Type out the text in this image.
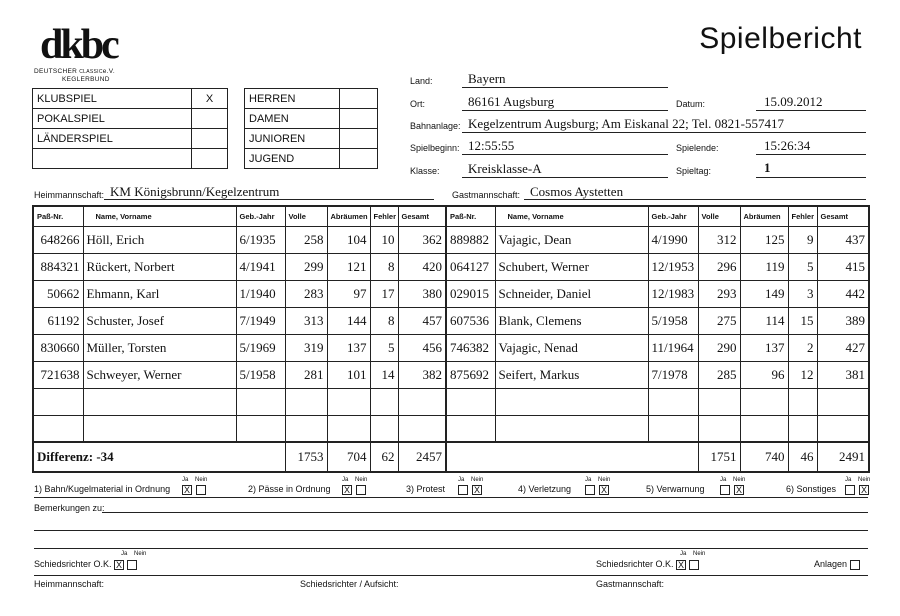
dkbc
DEUTSCHER CLASSICe.V.
KEGLERBUND
Spielbericht
KLUBSPIEL	X
POKALSPIEL	
LÄNDERSPIEL	

HERREN	
DAMEN	
JUNIOREN	
JUGEND	
Land:	Bayern
Ort:	86161 Augsburg	Datum:	15.09.2012
Bahnanlage: Kegelzentrum Augsburg; Am Eiskanal 22; Tel. 0821-557417
Spielbeginn: 12:55:55	Spielende:	15:26:34
Klasse: Kreisklasse-A	Spieltag:	1
Heimmannschaft: KM Königsbrunn/Kegelzentrum	Gastmannschaft: Cosmos Aystetten
Paß-Nr.	Name, Vorname	Geb.-Jahr	Volle	Abräumen	Fehler	Gesamt	Paß-Nr.	Name, Vorname	Geb.-Jahr	Volle	Abräumen	Fehler	Gesamt
648266	Höll, Erich	6/1935	258	104	10	362	889882	Vajagic, Dean	4/1990	312	125	9	437
884321	Rückert, Norbert	4/1941	299	121	8	420	064127	Schubert, Werner	12/1953	296	119	5	415
50662	Ehmann, Karl	1/1940	283	97	17	380	029015	Schneider, Daniel	12/1983	293	149	3	442
61192	Schuster, Josef	7/1949	313	144	8	457	607536	Blank, Clemens	5/1958	275	114	15	389
830660	Müller, Torsten	5/1969	319	137	5	456	746382	Vajagic, Nenad	11/1964	290	137	2	427
721638	Schweyer, Werner	5/1958	281	101	14	382	875692	Seifert, Markus	7/1978	285	96	12	381

Differenz: -34			1753	704	62	2457				1751	740	46	2491
1) Bahn/Kugelmaterial in Ordnung X
Ja Nein
2) Pässe in Ordnung X
Ja Nein
3) Protest	X
Ja Nein
4) Verletzung	X
Ja Nein
5) Verwarnung	X
Ja Nein
6) Sonstiges	X
Ja Nein
Bemerkungen zu:
Schiedsrichter O.K. X
Ja Nein
Schiedsrichter O.K. X
Ja Nein
Anlagen
Heimmannschaft:	Schiedsrichter / Aufsicht:	Gastmannschaft:
